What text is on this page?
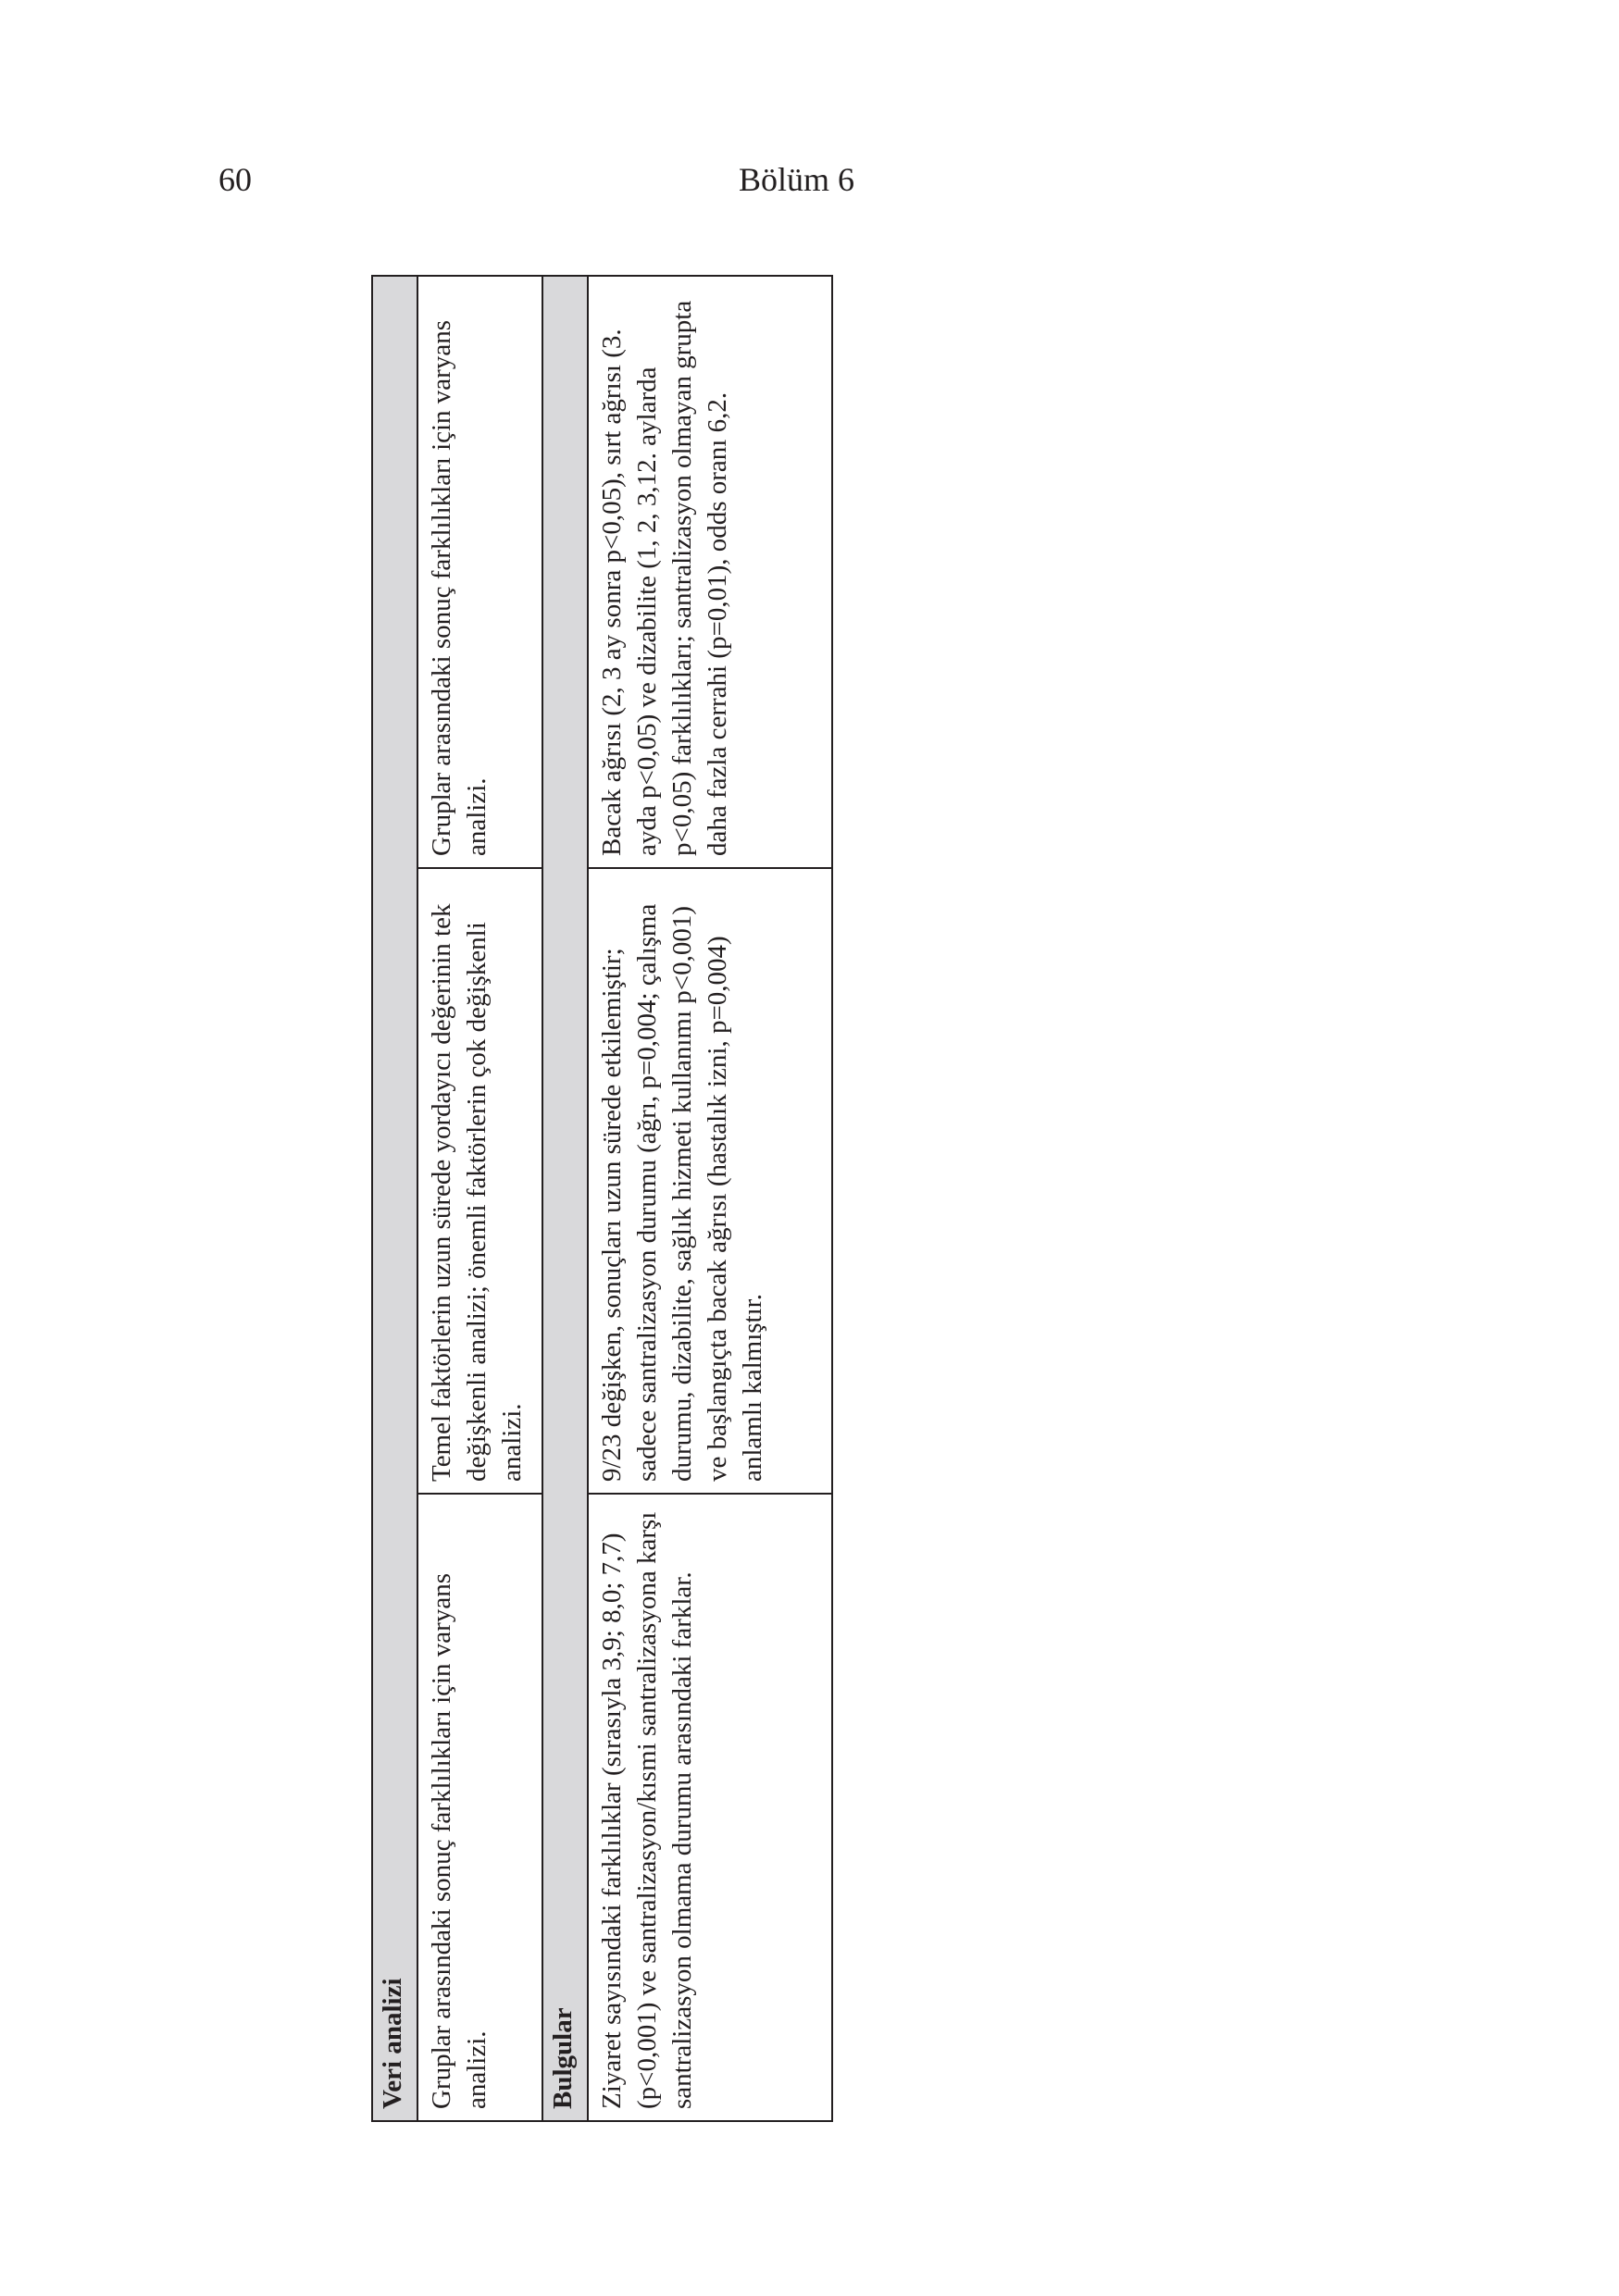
60	Bölüm 6
Veri analizi		
Gruplar arasındaki sonuç farklılıkları için varyans analizi.	Temel faktörlerin uzun sürede yordayıcı değerinin tek değişkenli analizi; önemli faktörlerin çok değişkenli analizi.	Gruplar arasındaki sonuç farklılıkları için varyans analizi.
Bulgular		
Ziyaret sayısındaki farklılıklar (sırasıyla 3,9; 8,0; 7,7) (p<0,001) ve santralizasyon/kısmi santralizasyona karşı santralizasyon olmama durumu arasındaki farklar.	9/23 değişken, sonuçları uzun sürede etkilemiştir; sadece santralizasyon durumu (ağrı, p=0,004; çalışma durumu, dizabilite, sağlık hizmeti kullanımı p<0,001) ve başlangıçta bacak ağrısı (hastalık izni, p=0,004) anlamlı kalmıştır.	Bacak ağrısı (2, 3 ay sonra p<0,05), sırt ağrısı (3. ayda p<0,05) ve dizabilite (1, 2, 3,12. aylarda p<0,05) farklılıkları; santralizasyon olmayan grupta daha fazla cerrahi (p=0,01), odds oranı 6,2.
